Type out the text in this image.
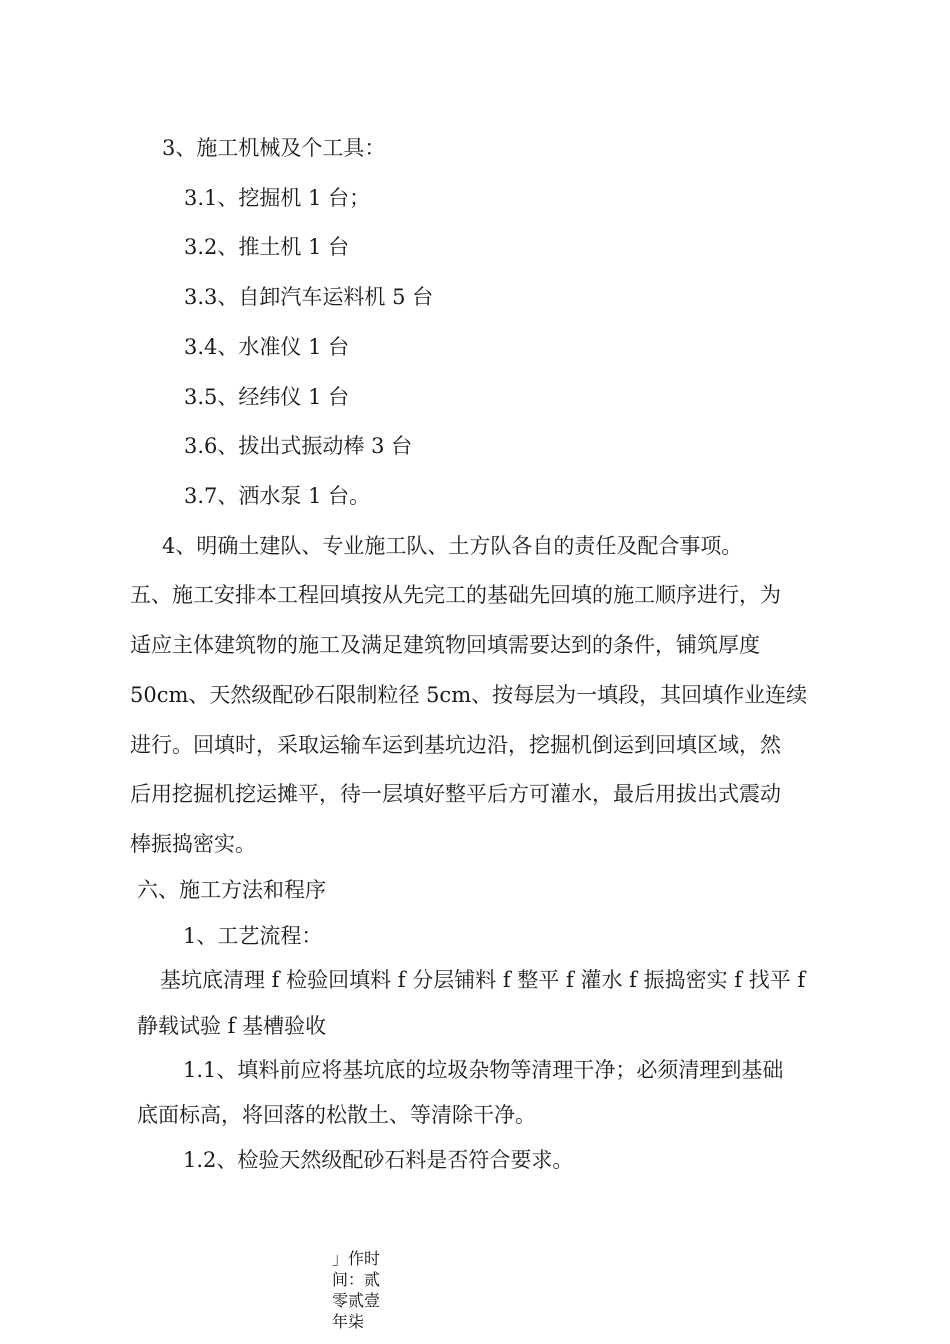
3、施工机械及个工具：
3.1、挖掘机 1 台；
3.2、推土机 1 台
3.3、自卸汽车运料机 5 台
3.4、水准仪 1 台
3.5、经纬仪 1 台
3.6、拔出式振动棒 3 台
3.7、洒水泵 1 台。
4、明确土建队、专业施工队、土方队各自的责任及配合事项。
五、施工安排本工程回填按从先完工的基础先回填的施工顺序进行，为
适应主体建筑物的施工及满足建筑物回填需要达到的条件，铺筑厚度
50cm、天然级配砂石限制粒径 5cm、按每层为一填段，其回填作业连续
进行。回填时，采取运输车运到基坑边沿，挖掘机倒运到回填区域，然
后用挖掘机挖运摊平，待一层填好整平后方可灌水，最后用拔出式震动
棒振捣密实。
六、施工方法和程序
1、工艺流程：
基坑底清理 f 检验回填料 f 分层铺料 f 整平 f 灌水 f 振捣密实 f 找平 f
静载试验 f 基槽验收
1.1、填料前应将基坑底的垃圾杂物等清理干净；必须清理到基础
底面标高，将回落的松散土、等清除干净。
1.2、检验天然级配砂石料是否符合要求。
」作时间：贰零贰壹年柒
